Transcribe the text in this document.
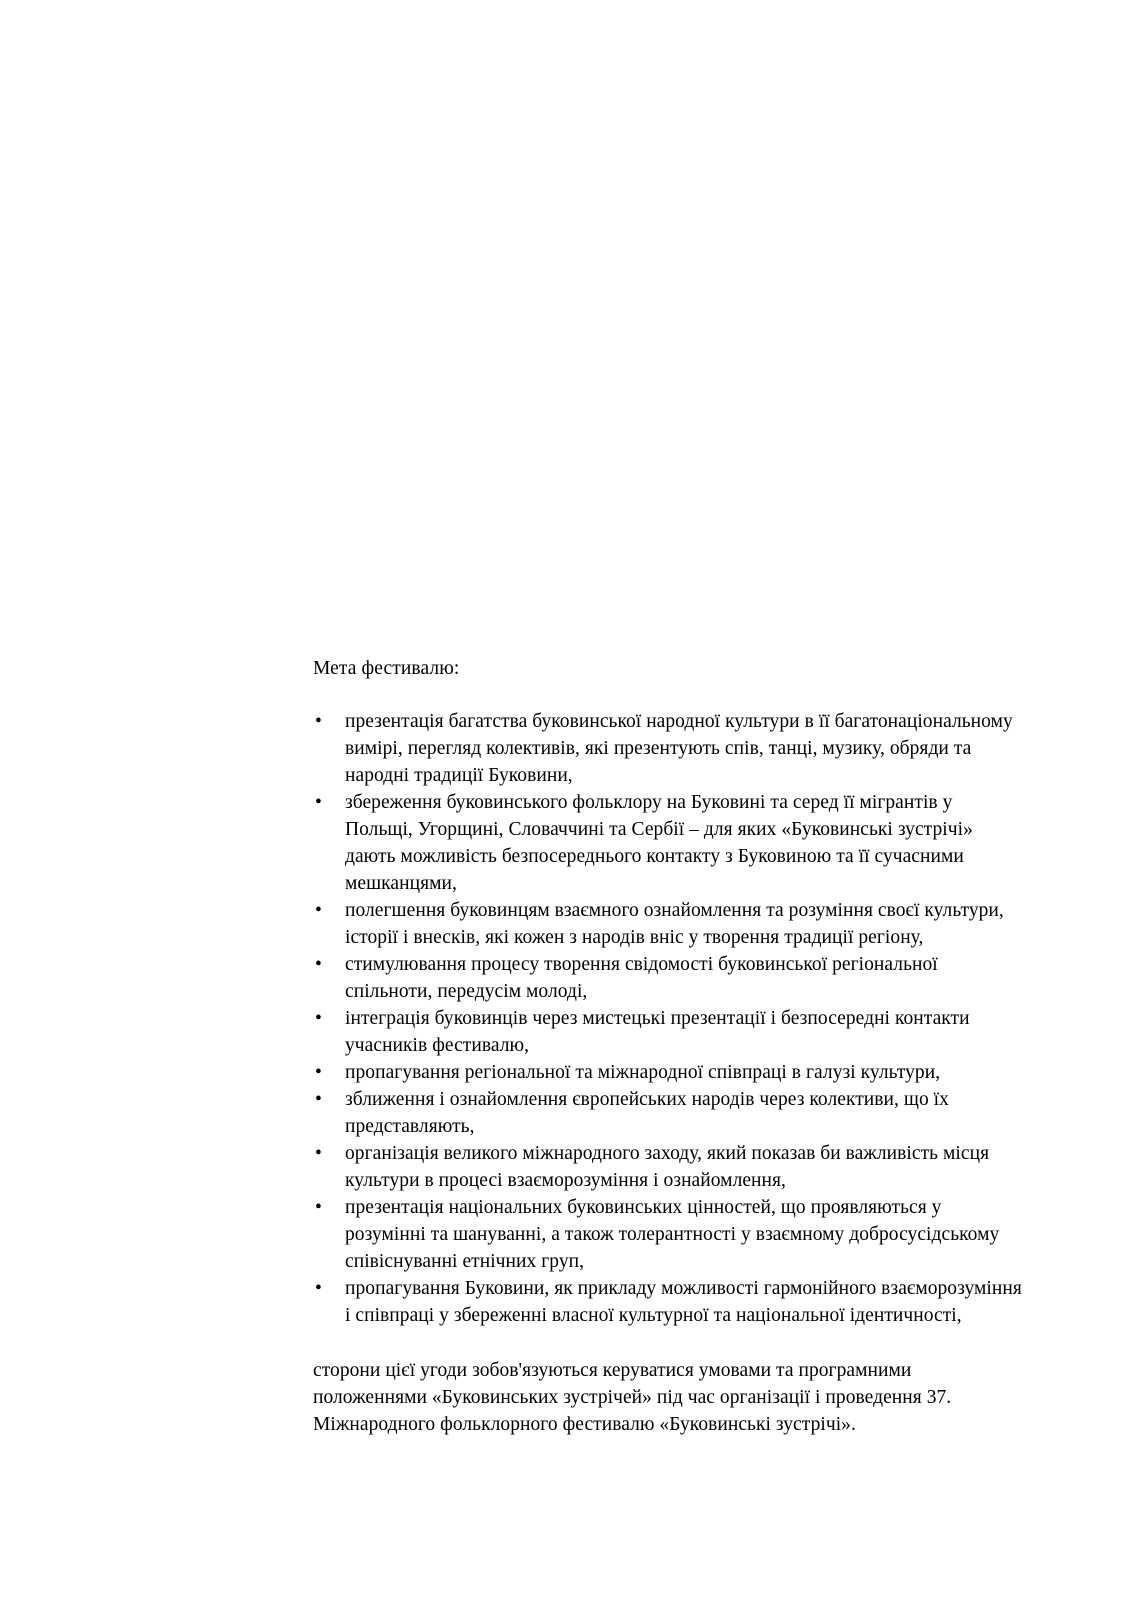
Мета фестивалю:

•	презентація багатства буковинської народної культури в її багатонаціональному вимірі, перегляд колективів, які презентують спів, танці, музику, обряди та народні традиції Буковини,
•	збереження буковинського фольклору на Буковині та серед її мігрантів у Польщі, Угорщині, Словаччині та Сербії – для яких «Буковинські зустрічі» дають можливість безпосереднього контакту з Буковиною та її сучасними мешканцями,
•	полегшення буковинцям взаємного ознайомлення та розуміння своєї культури, історії і внесків, які кожен з народів вніс у творення традиції регіону,
•	стимулювання процесу творення свідомості буковинської регіональної спільноти, передусім молоді,
•	інтеграція буковинців через мистецькі презентації і безпосередні контакти учасників фестивалю,
•	пропагування регіональної та міжнародної співпраці в галузі культури,
•	зближення і ознайомлення європейських народів через колективи, що їх представляють,
•	організація великого міжнародного заходу, який показав би важливість місця культури в процесі взаєморозуміння і ознайомлення,
•	презентація національних буковинських цінностей, що проявляються у розумінні та шануванні, а також толерантності у взаємному добросусідському співіснуванні етнічних груп,
•	пропагування Буковини, як прикладу можливості гармонійного взаєморозуміння і співпраці у збереженні власної культурної та національної ідентичності,

сторони цієї угоди зобов'язуються керуватися умовами та програмними положеннями «Буковинських зустрічей» під час організації і проведення 37. Міжнародного фольклорного фестивалю «Буковинські зустрічі».
